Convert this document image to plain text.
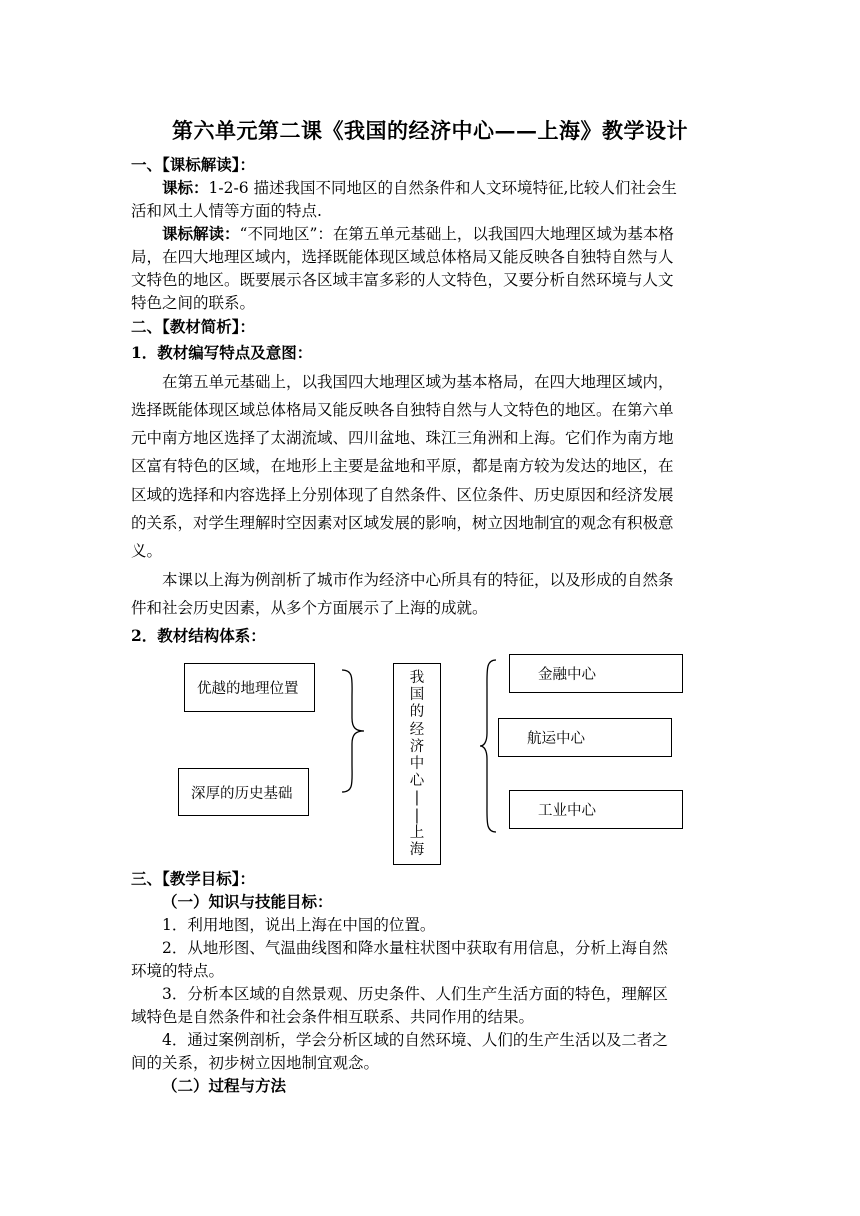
第六单元第二课《我国的经济中心——上海》教学设计
一、【课标解读】：
课标：1-2-6 描述我国不同地区的自然条件和人文环境特征,比较人们社会生
活和风土人情等方面的特点.
课标解读：“不同地区”：在第五单元基础上，以我国四大地理区域为基本格
局，在四大地理区域内，选择既能体现区域总体格局又能反映各自独特自然与人
文特色的地区。既要展示各区域丰富多彩的人文特色，又要分析自然环境与人文
特色之间的联系。
二、【教材简析】：
1．教材编写特点及意图：
在第五单元基础上，以我国四大地理区域为基本格局，在四大地理区域内，
选择既能体现区域总体格局又能反映各自独特自然与人文特色的地区。在第六单
元中南方地区选择了太湖流域、四川盆地、珠江三角洲和上海。它们作为南方地
区富有特色的区域，在地形上主要是盆地和平原，都是南方较为发达的地区，在
区域的选择和内容选择上分别体现了自然条件、区位条件、历史原因和经济发展
的关系，对学生理解时空因素对区域发展的影响，树立因地制宜的观念有积极意
义。
本课以上海为例剖析了城市作为经济中心所具有的特征，以及形成的自然条
件和社会历史因素，从多个方面展示了上海的成就。
2．教材结构体系：
优越的地理位置
深厚的历史基础
我
国
的
经
济
中
心
|
|
上
海
金融中心
航运中心
工业中心
三、【教学目标】：
（一）知识与技能目标：
1．利用地图，说出上海在中国的位置。
2．从地形图、气温曲线图和降水量柱状图中获取有用信息，分析上海自然
环境的特点。
3．分析本区域的自然景观、历史条件、人们生产生活方面的特色，理解区
域特色是自然条件和社会条件相互联系、共同作用的结果。
4．通过案例剖析，学会分析区域的自然环境、人们的生产生活以及二者之
间的关系，初步树立因地制宜观念。
（二）过程与方法
